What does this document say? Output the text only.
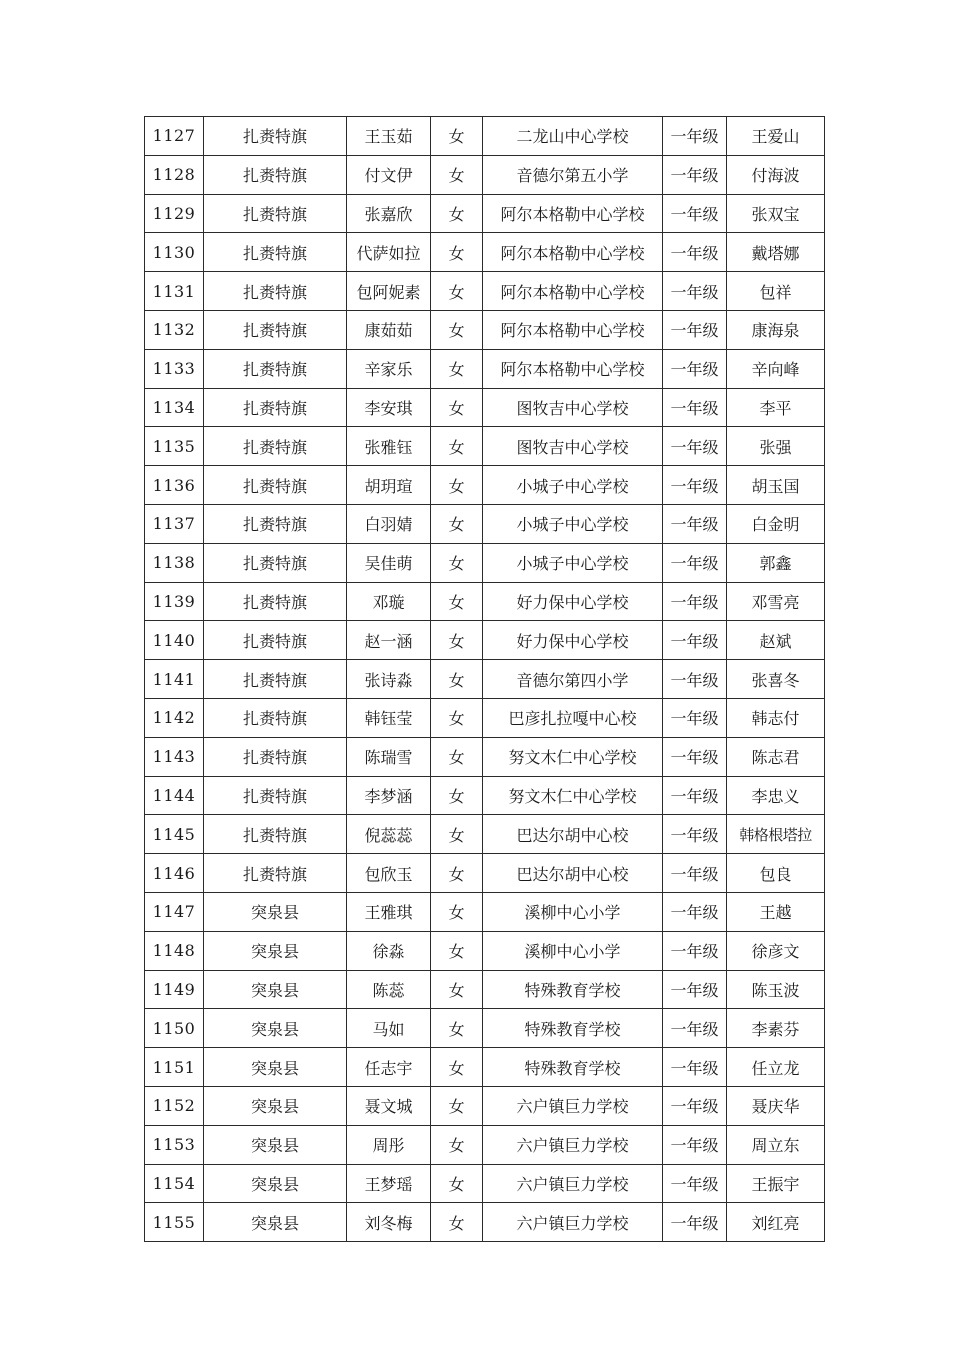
1127	扎赉特旗	王玉茹	女	二龙山中心学校	一年级	王爱山
1128	扎赉特旗	付文伊	女	音德尔第五小学	一年级	付海波
1129	扎赉特旗	张嘉欣	女	阿尔本格勒中心学校	一年级	张双宝
1130	扎赉特旗	代萨如拉	女	阿尔本格勒中心学校	一年级	戴塔娜
1131	扎赉特旗	包阿妮素	女	阿尔本格勒中心学校	一年级	包祥
1132	扎赉特旗	康茹茹	女	阿尔本格勒中心学校	一年级	康海泉
1133	扎赉特旗	辛家乐	女	阿尔本格勒中心学校	一年级	辛向峰
1134	扎赉特旗	李安琪	女	图牧吉中心学校	一年级	李平
1135	扎赉特旗	张雅钰	女	图牧吉中心学校	一年级	张强
1136	扎赉特旗	胡玥瑄	女	小城子中心学校	一年级	胡玉国
1137	扎赉特旗	白羽婧	女	小城子中心学校	一年级	白金明
1138	扎赉特旗	吴佳萌	女	小城子中心学校	一年级	郭鑫
1139	扎赉特旗	邓璇	女	好力保中心学校	一年级	邓雪亮
1140	扎赉特旗	赵一涵	女	好力保中心学校	一年级	赵斌
1141	扎赉特旗	张诗淼	女	音德尔第四小学	一年级	张喜冬
1142	扎赉特旗	韩钰莹	女	巴彦扎拉嘎中心校	一年级	韩志付
1143	扎赉特旗	陈瑞雪	女	努文木仁中心学校	一年级	陈志君
1144	扎赉特旗	李梦涵	女	努文木仁中心学校	一年级	李忠义
1145	扎赉特旗	倪蕊蕊	女	巴达尔胡中心校	一年级	韩格根塔拉
1146	扎赉特旗	包欣玉	女	巴达尔胡中心校	一年级	包良
1147	突泉县	王雅琪	女	溪柳中心小学	一年级	王越
1148	突泉县	徐淼	女	溪柳中心小学	一年级	徐彦文
1149	突泉县	陈蕊	女	特殊教育学校	一年级	陈玉波
1150	突泉县	马如	女	特殊教育学校	一年级	李素芬
1151	突泉县	任志宇	女	特殊教育学校	一年级	任立龙
1152	突泉县	聂文城	女	六户镇巨力学校	一年级	聂庆华
1153	突泉县	周彤	女	六户镇巨力学校	一年级	周立东
1154	突泉县	王梦瑶	女	六户镇巨力学校	一年级	王振宇
1155	突泉县	刘冬梅	女	六户镇巨力学校	一年级	刘红亮
